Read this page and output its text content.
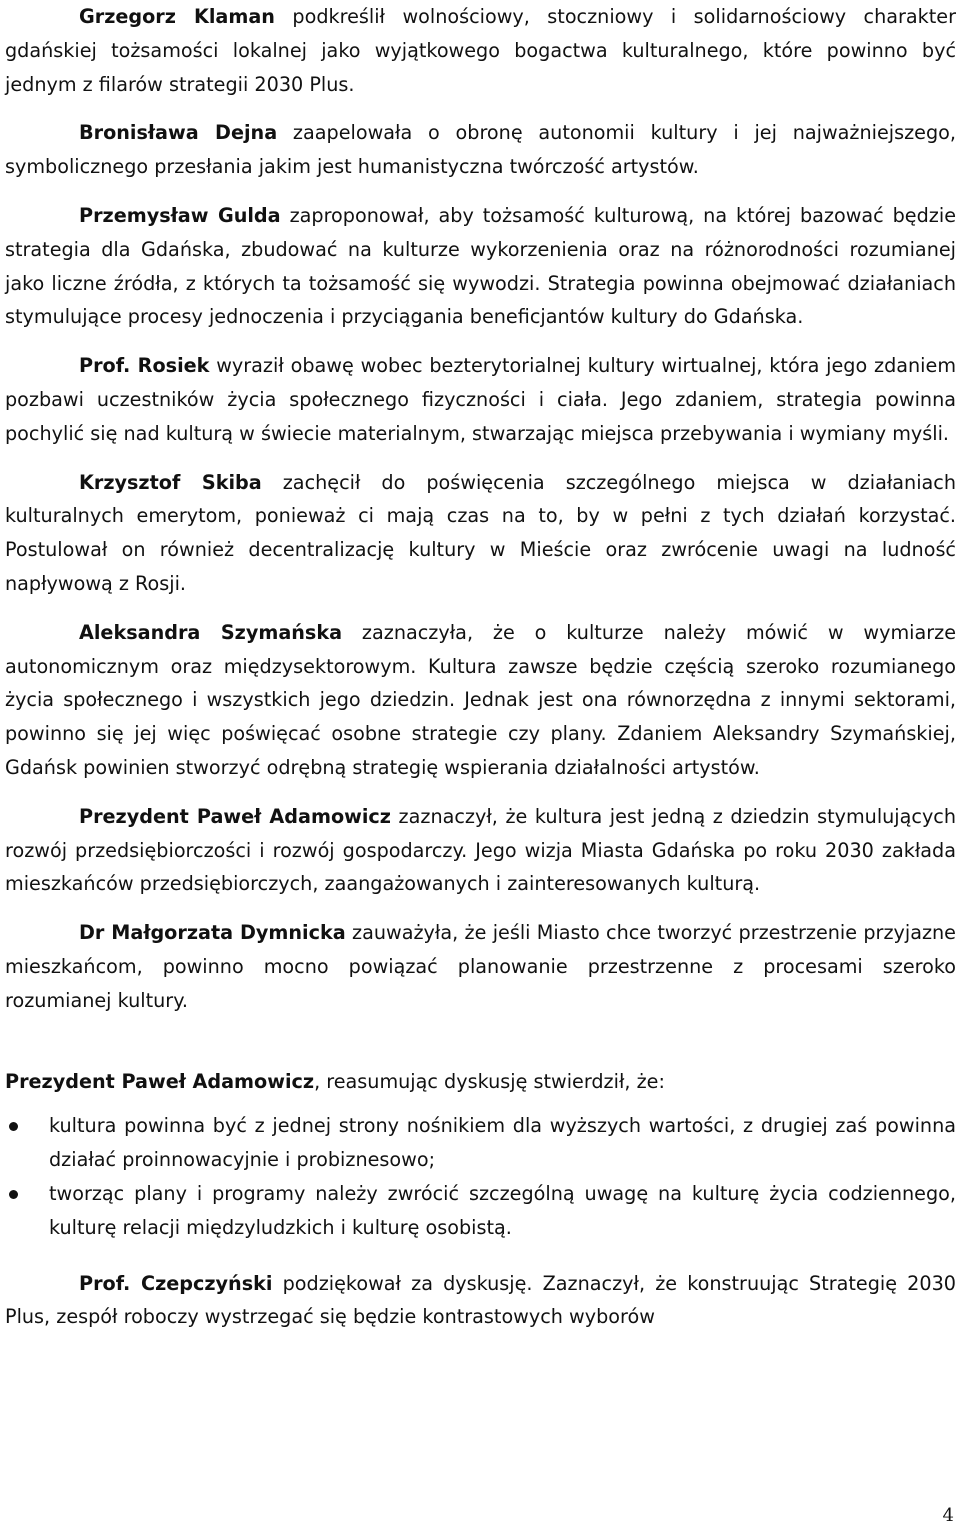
Grzegorz Klaman podkreślił wolnościowy, stoczniowy i solidarnościowy charakter gdańskiej tożsamości lokalnej jako wyjątkowego bogactwa kulturalnego, które powinno być jednym z filarów strategii 2030 Plus.

Bronisława Dejna zaapelowała o obronę autonomii kultury i jej najważniejszego, symbolicznego przesłania jakim jest humanistyczna twórczość artystów.

Przemysław Gulda zaproponował, aby tożsamość kulturową, na której bazować będzie strategia dla Gdańska, zbudować na kulturze wykorzenienia oraz na różnorodności rozumianej jako liczne źródła, z których ta tożsamość się wywodzi. Strategia powinna obejmować działaniach stymulujące procesy jednoczenia i przyciągania beneficjantów kultury do Gdańska.

Prof. Rosiek wyraził obawę wobec bezterytorialnej kultury wirtualnej, która jego zdaniem pozbawi uczestników życia społecznego fizyczności i ciała. Jego zdaniem, strategia powinna pochylić się nad kulturą w świecie materialnym, stwarzając miejsca przebywania i wymiany myśli.

Krzysztof Skiba zachęcił do poświęcenia szczególnego miejsca w działaniach kulturalnych emerytom, ponieważ ci mają czas na to, by w pełni z tych działań korzystać. Postulował on również decentralizację kultury w Mieście oraz zwrócenie uwagi na ludność napływową z Rosji.

Aleksandra Szymańska zaznaczyła, że o kulturze należy mówić w wymiarze autonomicznym oraz międzysektorowym. Kultura zawsze będzie częścią szeroko rozumianego życia społecznego i wszystkich jego dziedzin. Jednak jest ona równorzędna z innymi sektorami, powinno się jej więc poświęcać osobne strategie czy plany. Zdaniem Aleksandry Szymańskiej, Gdańsk powinien stworzyć odrębną strategię wspierania działalności artystów.

Prezydent Paweł Adamowicz zaznaczył, że kultura jest jedną z dziedzin stymulujących rozwój przedsiębiorczości i rozwój gospodarczy. Jego wizja Miasta Gdańska po roku 2030 zakłada mieszkańców przedsiębiorczych, zaangażowanych i zainteresowanych kulturą.

Dr Małgorzata Dymnicka zauważyła, że jeśli Miasto chce tworzyć przestrzenie przyjazne mieszkańcom, powinno mocno powiązać planowanie przestrzenne z procesami szeroko rozumianej kultury.

Prezydent Paweł Adamowicz, reasumując dyskusję stwierdził, że:

kultura powinna być z jednej strony nośnikiem dla wyższych wartości, z drugiej zaś powinna działać proinnowacyjnie i probiznesowo;
tworząc plany i programy należy zwrócić szczególną uwagę na kulturę życia codziennego, kulturę relacji międzyludzkich i kulturę osobistą.

Prof. Czepczyński podziękował za dyskusję. Zaznaczył, że konstruując Strategię 2030 Plus, zespół roboczy wystrzegać się będzie kontrastowych wyborów

4
